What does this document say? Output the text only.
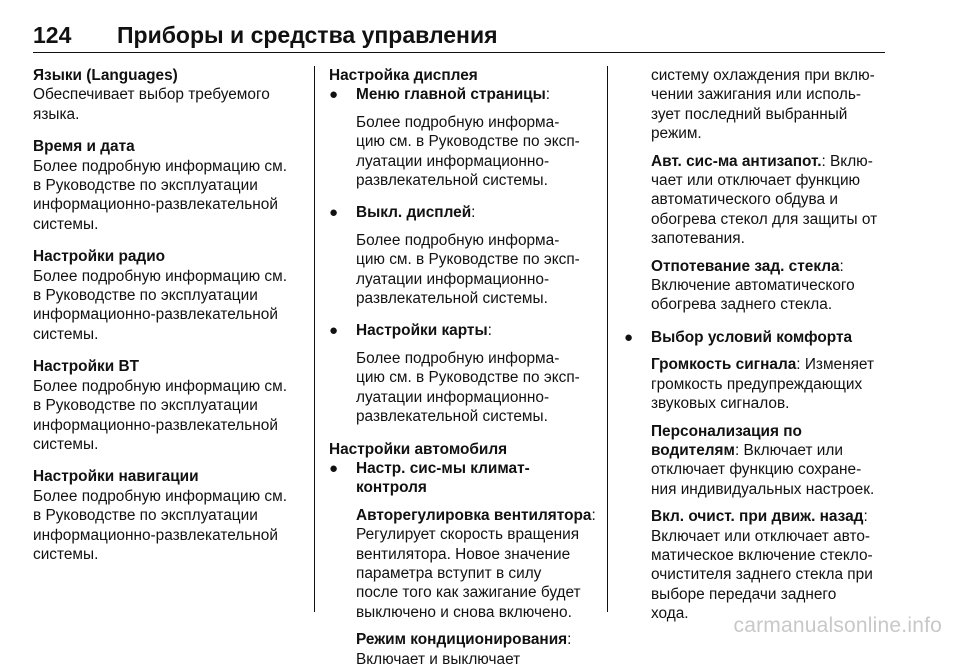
124 Приборы и средства управления
Языки (Languages)
Обеспечивает выбор требуемого
языка.
Время и дата
Более подробную информацию см.
в Руководстве по эксплуатации
информационно-развлекательной
системы.
Настройки радио
Более подробную информацию см.
в Руководстве по эксплуатации
информационно-развлекательной
системы.
Настройки BT
Более подробную информацию см.
в Руководстве по эксплуатации
информационно-развлекательной
системы.
Настройки навигации
Более подробную информацию см.
в Руководстве по эксплуатации
информационно-развлекательной
системы.
Настройка дисплея
● Меню главной страницы:
Более подробную информа-
цию см. в Руководстве по эксп-
луатации информационно-
развлекательной системы.
● Выкл. дисплей:
Более подробную информа-
цию см. в Руководстве по эксп-
луатации информационно-
развлекательной системы.
● Настройки карты:
Более подробную информа-
цию см. в Руководстве по эксп-
луатации информационно-
развлекательной системы.
Настройки автомобиля
● Настр. сис-мы климат-
контроля
Авторегулировка вентилятора:
Регулирует скорость вращения
вентилятора. Новое значение
параметра вступит в силу
после того как зажигание будет
выключено и снова включено.
Режим кондиционирования:
Включает и выключает
систему охлаждения при вклю-
чении зажигания или исполь-
зует последний выбранный
режим.
Авт. сис-ма антизапот.: Вклю-
чает или отключает функцию
автоматического обдува и
обогрева стекол для защиты от
запотевания.
Отпотевание зад. стекла:
Включение автоматического
обогрева заднего стекла.
● Выбор условий комфорта
Громкость сигнала: Изменяет
громкость предупреждающих
звуковых сигналов.
Персонализация по
водителям: Включает или
отключает функцию сохране-
ния индивидуальных настроек.
Вкл. очист. при движ. назад:
Включает или отключает авто-
матическое включение стекло-
очистителя заднего стекла при
выборе передачи заднего
хода.
carmanualsonline.info
